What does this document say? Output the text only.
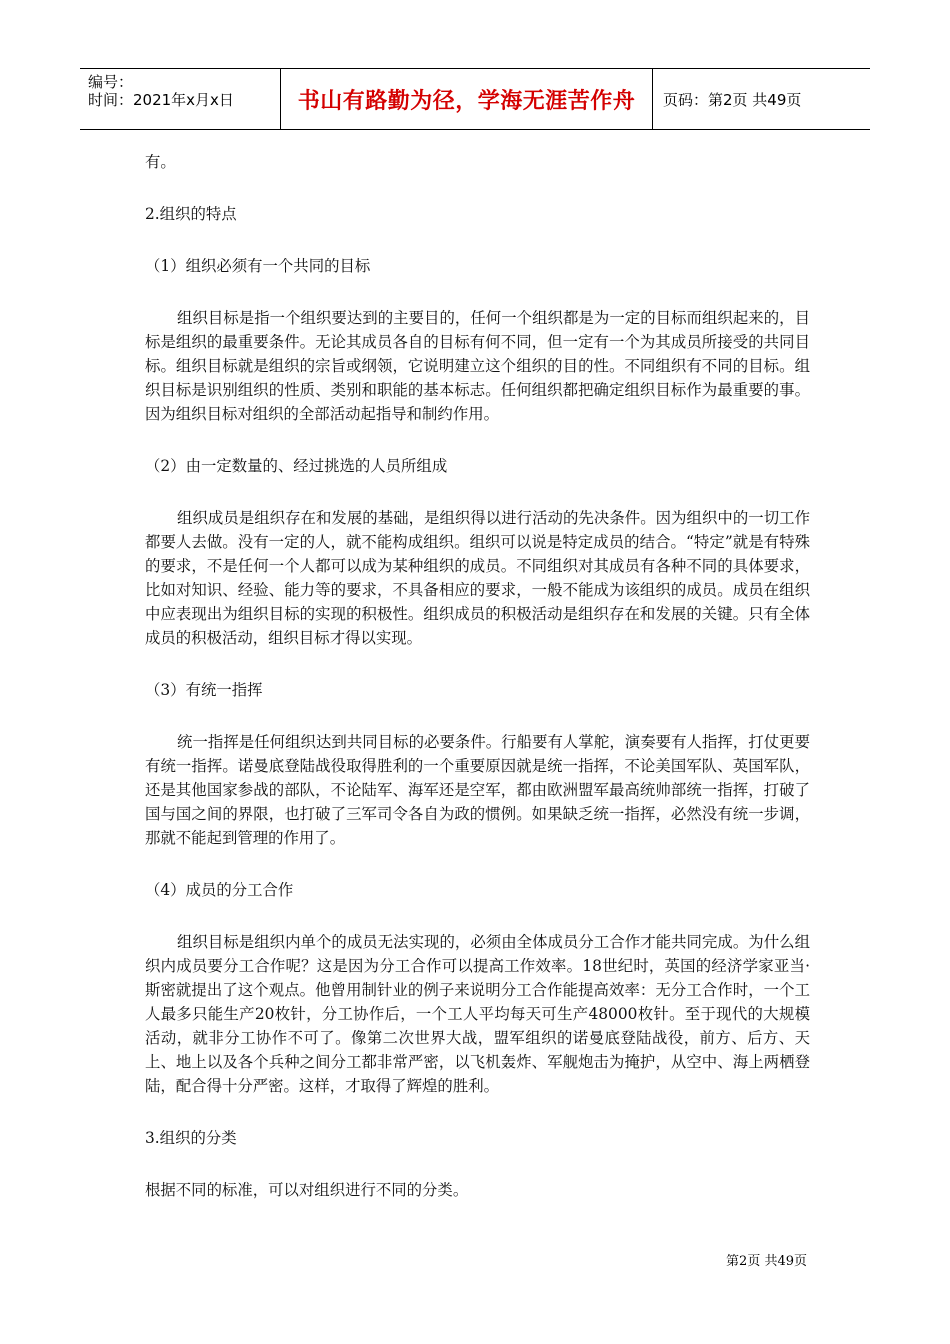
编号：
时间：2021年x月x日	书山有路勤为径，学海无涯苦作舟	页码：第2页 共49页

有。

2.组织的特点

（1）组织必须有一个共同的目标

组织目标是指一个组织要达到的主要目的，任何一个组织都是为一定的目标而组织起来的，目标是组织的最重要条件。无论其成员各自的目标有何不同，但一定有一个为其成员所接受的共同目标。组织目标就是组织的宗旨或纲领，它说明建立这个组织的目的性。不同组织有不同的目标。组织目标是识别组织的性质、类别和职能的基本标志。任何组织都把确定组织目标作为最重要的事。因为组织目标对组织的全部活动起指导和制约作用。

（2）由一定数量的、经过挑选的人员所组成

组织成员是组织存在和发展的基础，是组织得以进行活动的先决条件。因为组织中的一切工作都要人去做。没有一定的人，就不能构成组织。组织可以说是特定成员的结合。“特定”就是有特殊的要求，不是任何一个人都可以成为某种组织的成员。不同组织对其成员有各种不同的具体要求，比如对知识、经验、能力等的要求，不具备相应的要求，一般不能成为该组织的成员。成员在组织中应表现出为组织目标的实现的积极性。组织成员的积极活动是组织存在和发展的关键。只有全体成员的积极活动，组织目标才得以实现。

（3）有统一指挥

统一指挥是任何组织达到共同目标的必要条件。行船要有人掌舵，演奏要有人指挥，打仗更要有统一指挥。诺曼底登陆战役取得胜利的一个重要原因就是统一指挥，不论美国军队、英国军队，还是其他国家参战的部队，不论陆军、海军还是空军，都由欧洲盟军最高统帅部统一指挥，打破了国与国之间的界限，也打破了三军司令各自为政的惯例。如果缺乏统一指挥，必然没有统一步调，那就不能起到管理的作用了。

（4）成员的分工合作

组织目标是组织内单个的成员无法实现的，必须由全体成员分工合作才能共同完成。为什么组织内成员要分工合作呢？这是因为分工合作可以提高工作效率。18世纪时，英国的经济学家亚当·斯密就提出了这个观点。他曾用制针业的例子来说明分工合作能提高效率：无分工合作时，一个工人最多只能生产20枚针，分工协作后，一个工人平均每天可生产48000枚针。至于现代的大规模活动，就非分工协作不可了。像第二次世界大战，盟军组织的诺曼底登陆战役，前方、后方、天上、地上以及各个兵种之间分工都非常严密，以飞机轰炸、军舰炮击为掩护，从空中、海上两栖登陆，配合得十分严密。这样，才取得了辉煌的胜利。

3.组织的分类

根据不同的标准，可以对组织进行不同的分类。

第2页 共49页
